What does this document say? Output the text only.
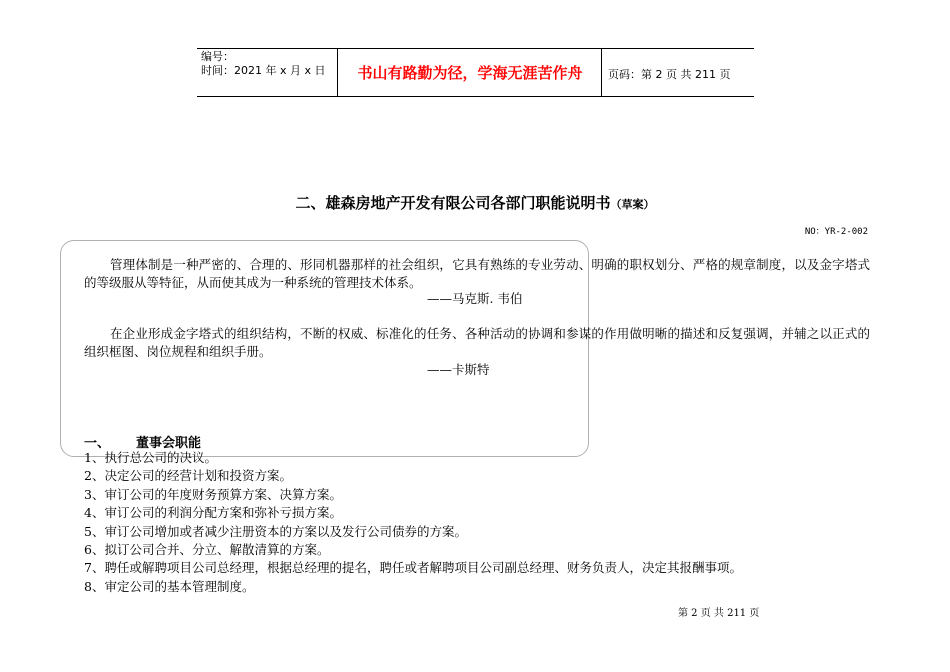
编号：
时间：2021 年 x 月 x 日	书山有路勤为径，学海无涯苦作舟	页码：第 2 页 共 211 页
二、雄森房地产开发有限公司各部门职能说明书（草案）
NO：YR-2-002
管理体制是一种严密的、合理的、形同机器那样的社会组织，它具有熟练的专业劳动、明确的职权划分、严格的规章制度，以及金字塔式的等级服从等特征，从而使其成为一种系统的管理技术体系。
——马克斯. 韦伯
在企业形成金字塔式的组织结构，不断的权威、标准化的任务、各种活动的协调和参谋的作用做明晰的描述和反复强调，并辅之以正式的组织框图、岗位规程和组织手册。
——卡斯特
一、 董事会职能
1、执行总公司的决议。
2、决定公司的经营计划和投资方案。
3、审订公司的年度财务预算方案、决算方案。
4、审订公司的利润分配方案和弥补亏损方案。
5、审订公司增加或者减少注册资本的方案以及发行公司债券的方案。
6、拟订公司合并、分立、解散清算的方案。
7、聘任或解聘项目公司总经理，根据总经理的提名，聘任或者解聘项目公司副总经理、财务负责人，决定其报酬事项。
8、审定公司的基本管理制度。
第 2 页 共 211 页
